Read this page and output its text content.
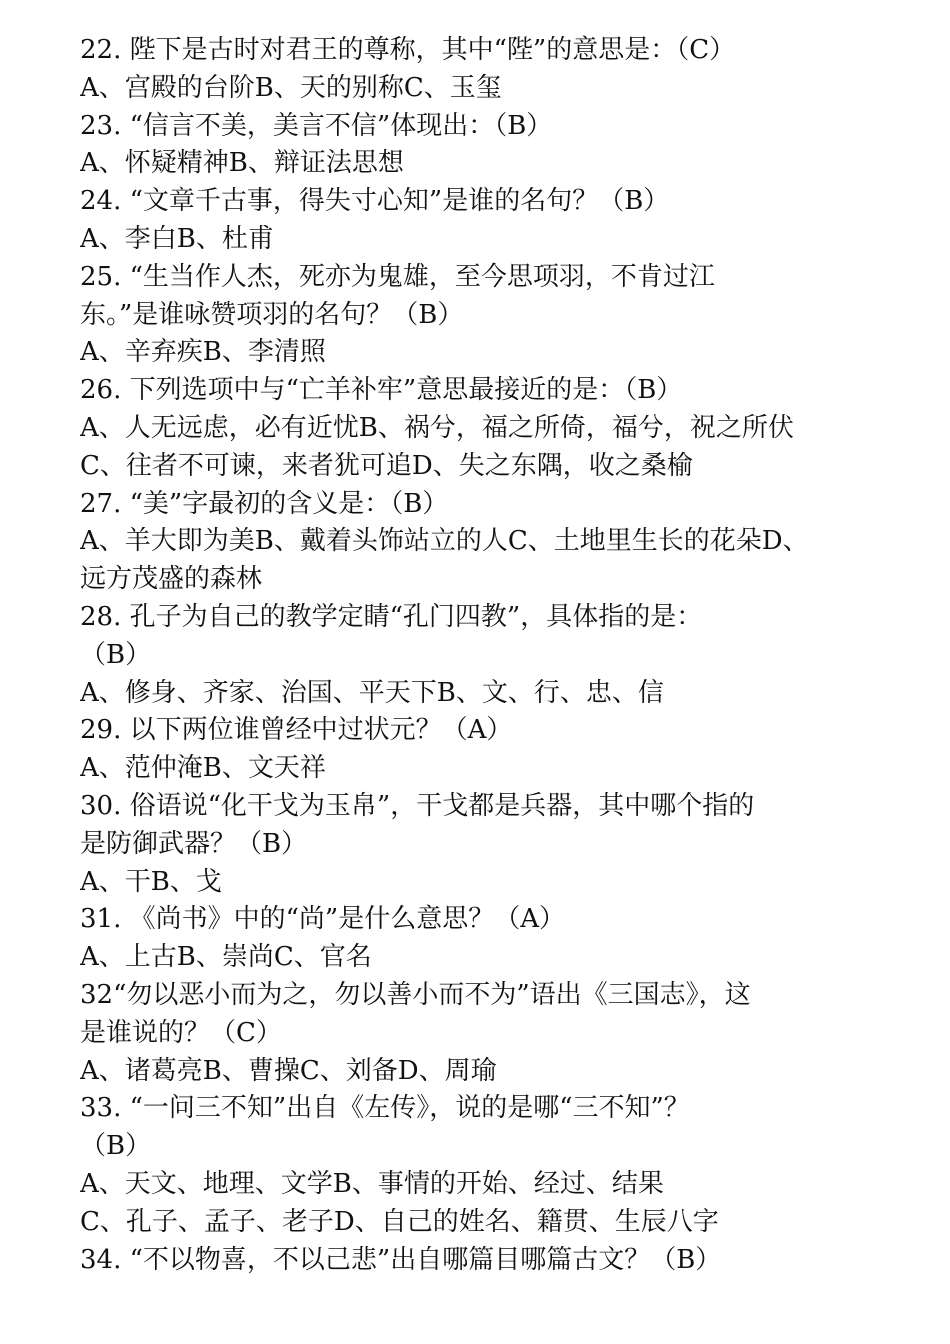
22. 陛下是古时对君王的尊称，其中“陛”的意思是：（C）
A、宫殿的台阶B、天的别称C、玉玺
23. “信言不美，美言不信”体现出：（B）
A、怀疑精神B、辩证法思想
24. “文章千古事，得失寸心知”是谁的名句？（B）
A、李白B、杜甫
25. “生当作人杰，死亦为鬼雄，至今思项羽，不肯过江
东。”是谁咏赞项羽的名句？（B）
A、辛弃疾B、李清照
26. 下列选项中与“亡羊补牢”意思最接近的是：（B）
A、人无远虑，必有近忧B、祸兮，福之所倚，福兮，祝之所伏
C、往者不可谏，来者犹可追D、失之东隅，收之桑榆
27. “美”字最初的含义是：（B）
A、羊大即为美B、戴着头饰站立的人C、土地里生长的花朵D、
远方茂盛的森林
28. 孔子为自己的教学定睛“孔门四教”，具体指的是：
（B）
A、修身、齐家、治国、平天下B、文、行、忠、信
29. 以下两位谁曾经中过状元？（A）
A、范仲淹B、文天祥
30. 俗语说“化干戈为玉帛”，干戈都是兵器，其中哪个指的
是防御武器？（B）
A、干B、戈
31. 《尚书》中的“尚”是什么意思？（A）
A、上古B、崇尚C、官名
32“勿以恶小而为之，勿以善小而不为”语出《三国志》，这
是谁说的？（C）
A、诸葛亮B、曹操C、刘备D、周瑜
33. “一问三不知”出自《左传》，说的是哪“三不知”？
（B）
A、天文、地理、文学B、事情的开始、经过、结果
C、孔子、孟子、老子D、自己的姓名、籍贯、生辰八字
34. “不以物喜，不以己悲”出自哪篇目哪篇古文？（B）
